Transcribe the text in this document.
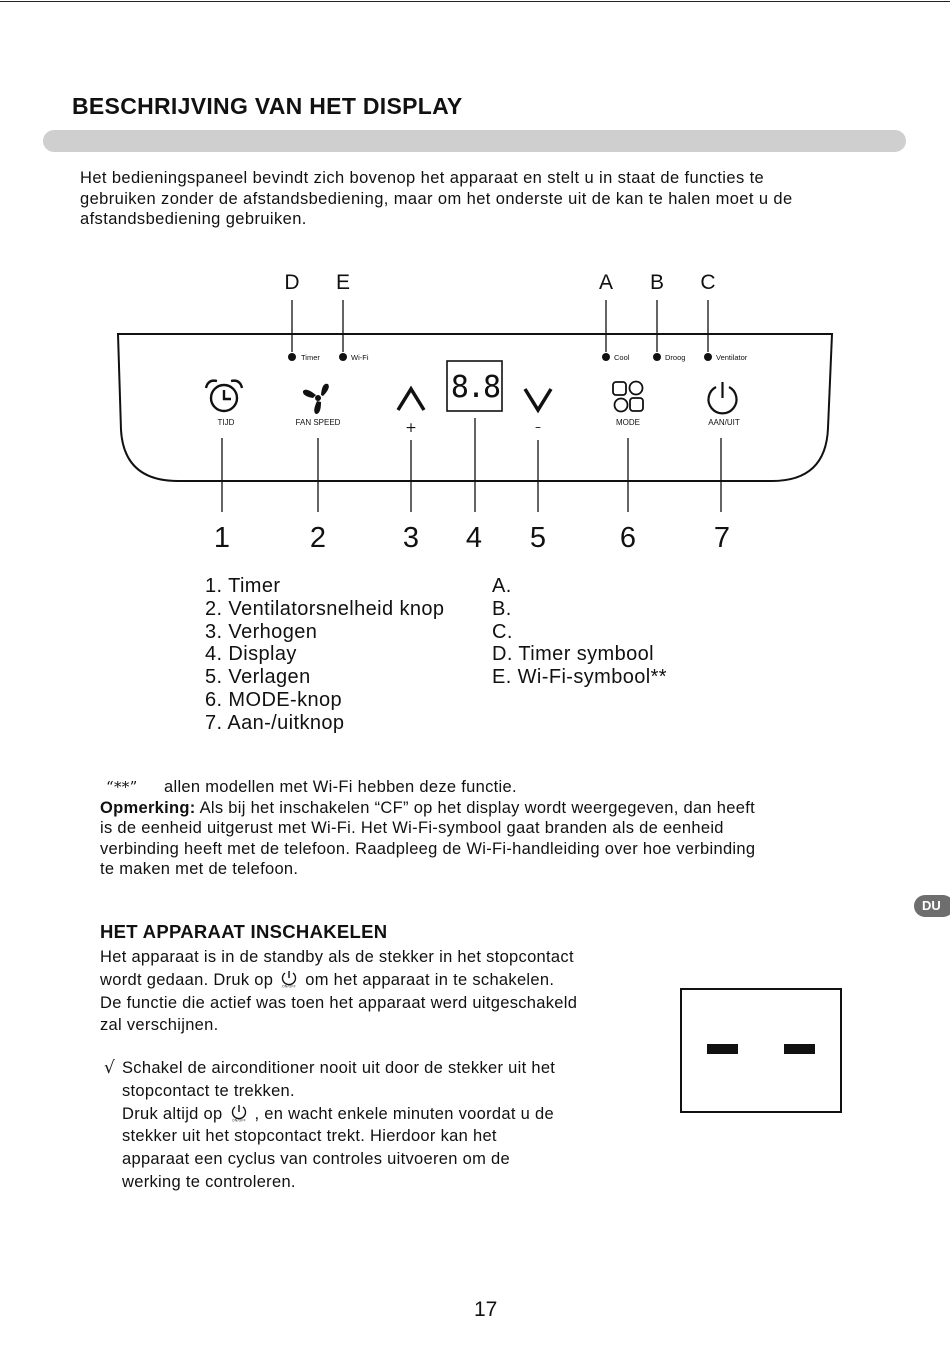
BESCHRIJVING VAN HET DISPLAY
Het bedieningspaneel bevindt zich bovenop het apparaat en stelt u in staat de functies te
gebruiken zonder de afstandsbediening, maar om het onderste uit de kan te halen moet u de
afstandsbediening gebruiken.
D E	A B C
Timer	Wi-Fi	Cool	Droog	Ventilator
8.8
TIJD	FAN SPEED	MODE	AAN/UIT
+	–
1	2	3 4 5	6	7
1. Timer
2. Ventilatorsnelheid knop
3. Verhogen
4. Display
5. Verlagen
6. MODE-knop
7. Aan-/uitknop
A.
B.
C.
D. Timer symbool
E. Wi-Fi-symbool**
“**” allen modellen met Wi-Fi hebben deze functie.
Opmerking: Als bij het inschakelen “CF” op het display wordt weergegeven, dan heeft
is de eenheid uitgerust met Wi-Fi. Het Wi-Fi-symbool gaat branden als de eenheid
verbinding heeft met de telefoon. Raadpleeg de Wi-Fi-handleiding over hoe verbinding
te maken met de telefoon.
DU
HET APPARAAT INSCHAKELEN
Het apparaat is in de standby als de stekker in het stopcontact
wordt gedaan. Druk op	ON/OFF om het apparaat in te schakelen.
De functie die actief was toen het apparaat werd uitgeschakeld
zal verschijnen.
√ Schakel de airconditioner nooit uit door de stekker uit het
stopcontact te trekken.
Druk altijd op	ON/OFF , en wacht enkele minuten voordat u de
stekker uit het stopcontact trekt. Hierdoor kan het
apparaat een cyclus van controles uitvoeren om de
werking te controleren.
17
